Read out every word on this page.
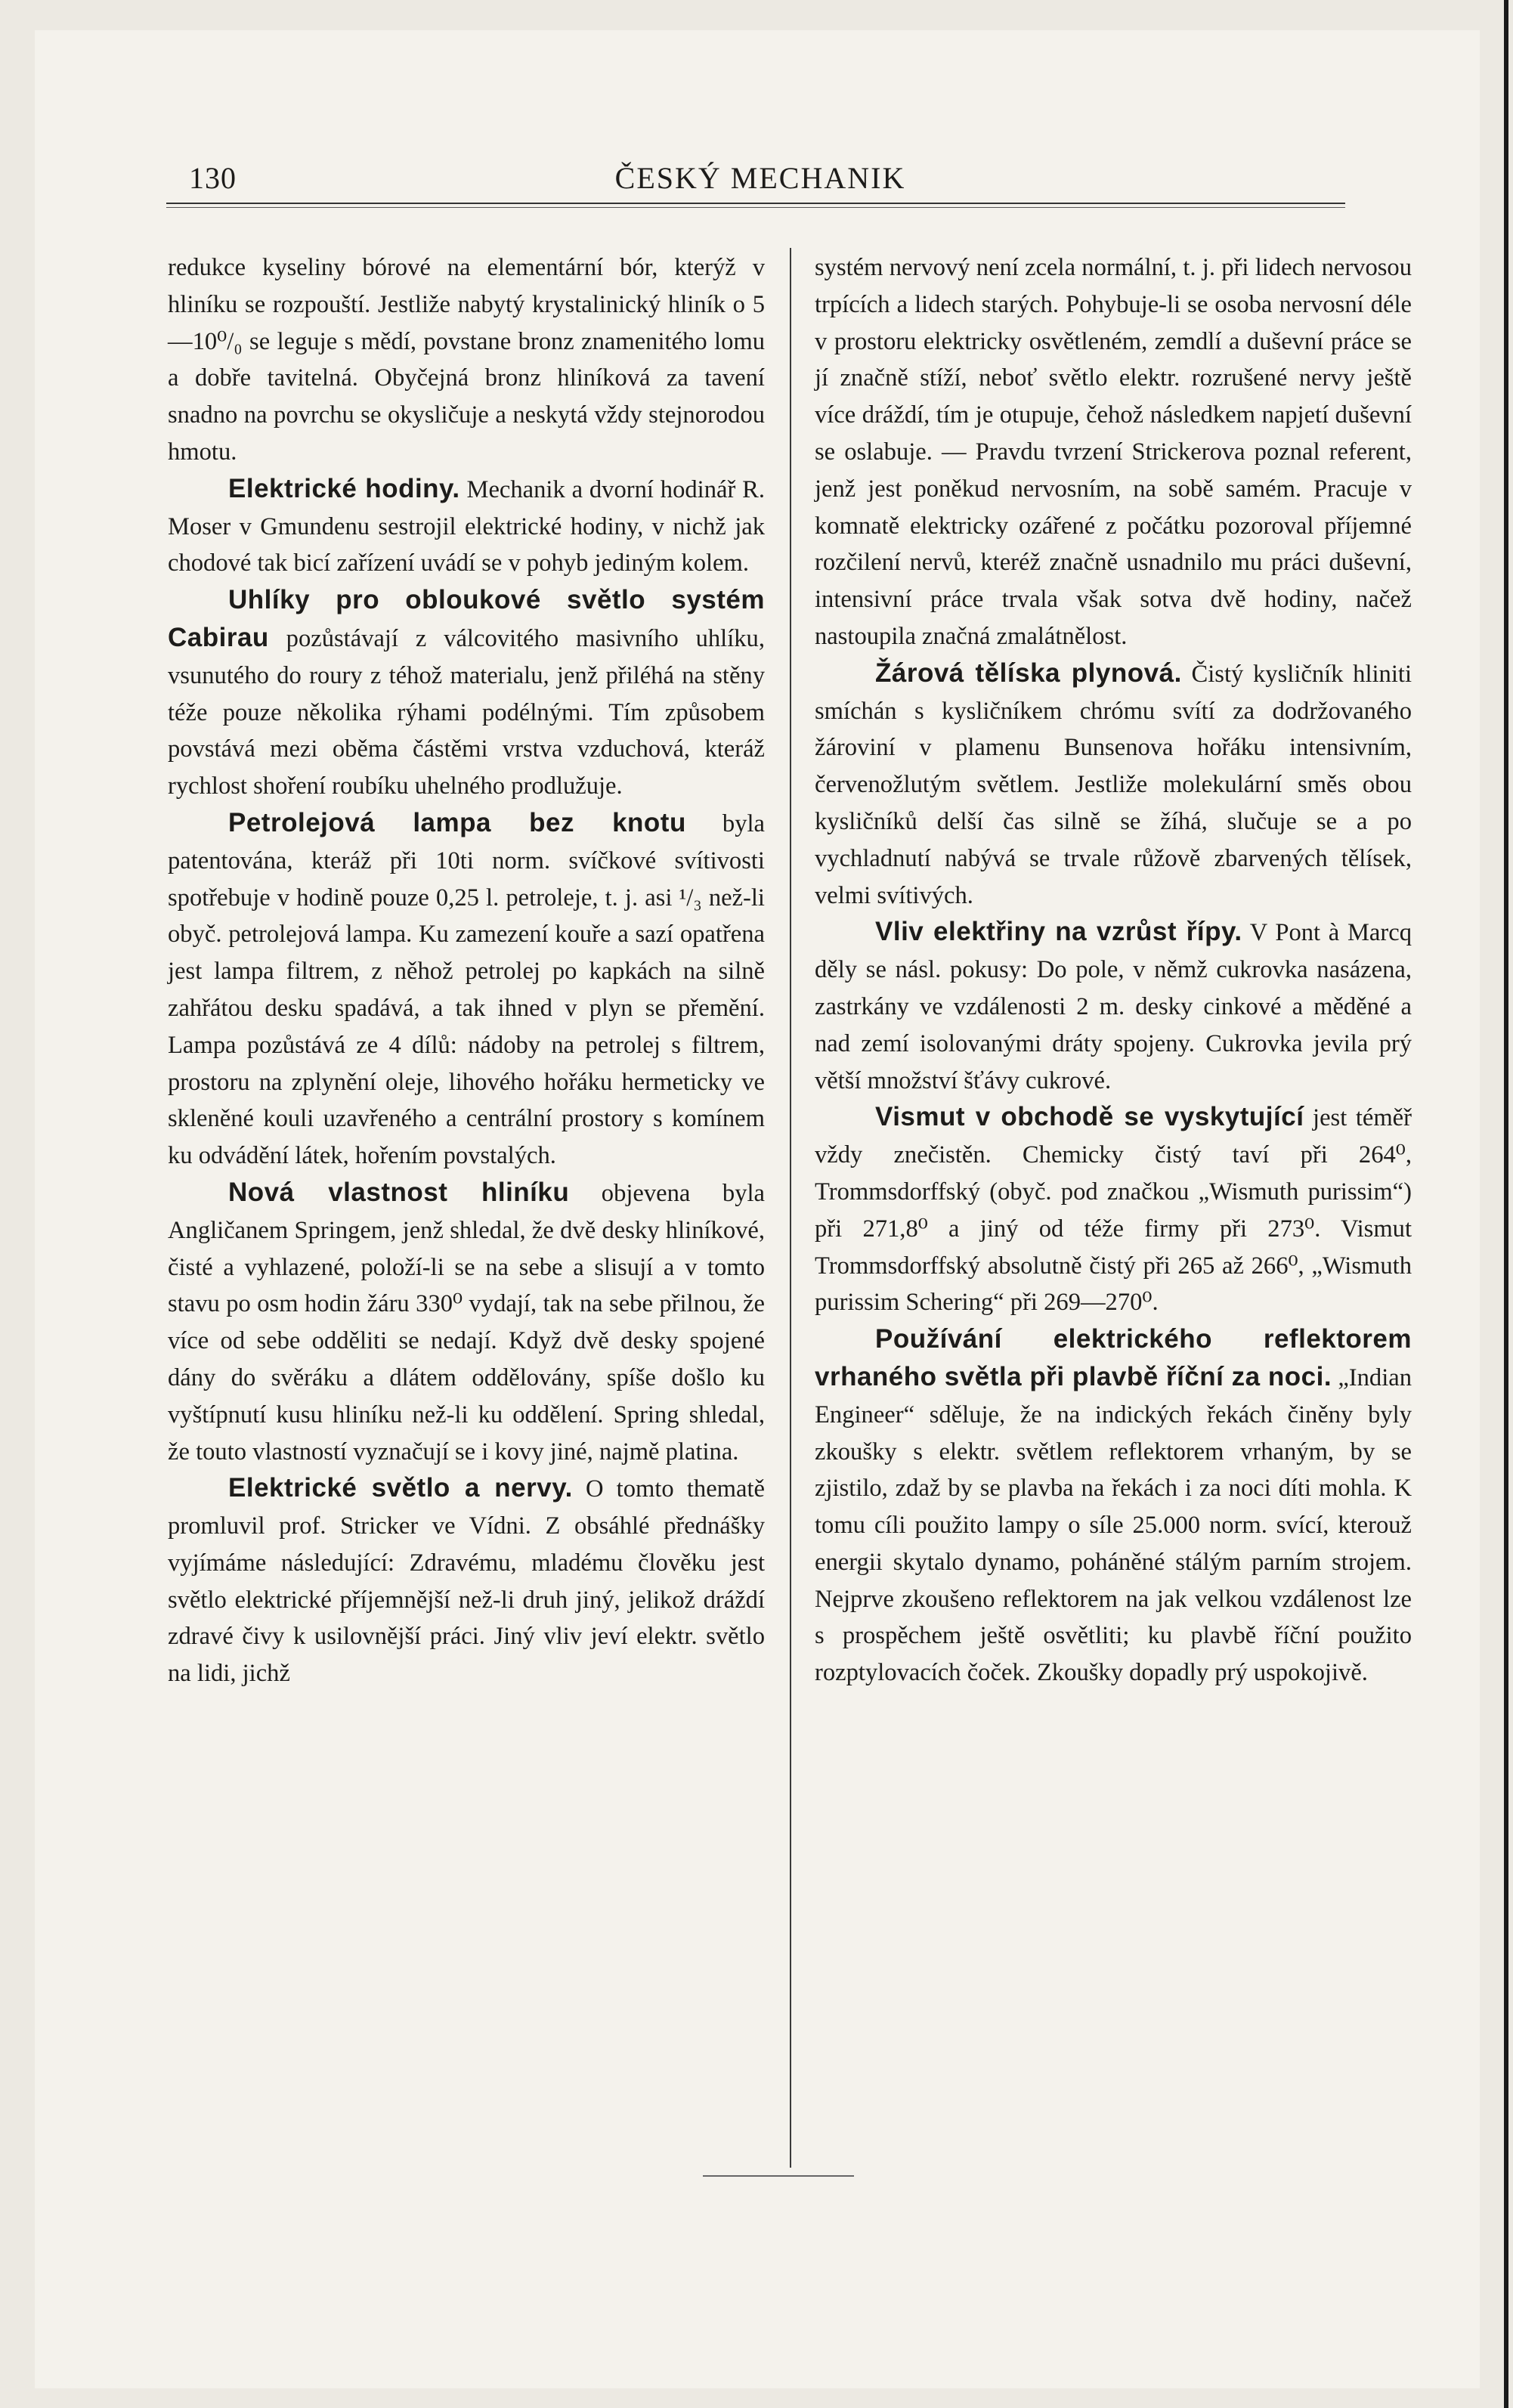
130	ČESKÝ MECHANIK

redukce kyseliny bórové na elementární bór, kterýž v hliníku se rozpouští. Jestliže nabytý krystalinický hliník o 5—10⁰/₀ se leguje s mědí, povstane bronz znamenitého lomu a dobře tavitelná. Obyčejná bronz hliníková za tavení snadno na povrchu se okysličuje a neskytá vždy stejnorodou hmotu.

Elektrické hodiny. Mechanik a dvorní hodinář R. Moser v Gmundenu sestrojil elektrické hodiny, v nichž jak chodové tak bicí zařízení uvádí se v pohyb jediným kolem.

Uhlíky pro obloukové světlo systém Cabirau pozůstávají z válcovitého masivního uhlíku, vsunutého do roury z téhož materialu, jenž přiléhá na stěny téže pouze několika rýhami podélnými. Tím způsobem povstává mezi oběma částěmi vrstva vzduchová, kteráž rychlost shoření roubíku uhelného prodlužuje.

Petrolejová lampa bez knotu byla patentována, kteráž při 10ti norm. svíčkové svítivosti spotřebuje v hodině pouze 0,25 l. petroleje, t. j. asi ¹/₃ než-li obyč. petrolejová lampa. Ku zamezení kouře a sazí opatřena jest lampa filtrem, z něhož petrolej po kapkách na silně zahřátou desku spadává, a tak ihned v plyn se přemění. Lampa pozůstává ze 4 dílů: nádoby na petrolej s filtrem, prostoru na zplynění oleje, lihového hořáku hermeticky ve skleněné kouli uzavřeného a centrální prostory s komínem ku odvádění látek, hořením povstalých.

Nová vlastnost hliníku objevena byla Angličanem Springem, jenž shledal, že dvě desky hliníkové, čisté a vyhlazené, položí-li se na sebe a slisují a v tomto stavu po osm hodin žáru 330⁰ vydají, tak na sebe přilnou, že více od sebe odděliti se nedají. Když dvě desky spojené dány do svěráku a dlátem oddělovány, spíše došlo ku vyštípnutí kusu hliníku než-li ku oddělení. Spring shledal, že touto vlastností vyznačují se i kovy jiné, najmě platina.

Elektrické světlo a nervy. O tomto thematě promluvil prof. Stricker ve Vídni. Z obsáhlé přednášky vyjímáme následující: Zdravému, mladému člověku jest světlo elektrické příjemnější než-li druh jiný, jelikož dráždí zdravé čivy k usilovnější práci. Jiný vliv jeví elektr. světlo na lidi, jichž

systém nervový není zcela normální, t. j. při lidech nervosou trpících a lidech starých. Pohybuje-li se osoba nervosní déle v prostoru elektricky osvětleném, zemdlí a duševní práce se jí značně stíží, neboť světlo elektr. rozrušené nervy ještě více dráždí, tím je otupuje, čehož následkem napjetí duševní se oslabuje. — Pravdu tvrzení Strickerova poznal referent, jenž jest poněkud nervosním, na sobě samém. Pracuje v komnatě elektricky ozářené z počátku pozoroval příjemné rozčilení nervů, kteréž značně usnadnilo mu práci duševní, intensivní práce trvala však sotva dvě hodiny, načež nastoupila značná zmalátnělost.

Žárová tělíska plynová. Čistý kysličník hliniti smíchán s kysličníkem chrómu svítí za dodržovaného žároviní v plamenu Bunsenova hořáku intensivním, červenožlutým světlem. Jestliže molekulární směs obou kysličníků delší čas silně se žíhá, slučuje se a po vychladnutí nabývá se trvale růžově zbarvených tělísek, velmi svítivých.

Vliv elektřiny na vzrůst řípy. V Pont à Marcq děly se násl. pokusy: Do pole, v němž cukrovka nasázena, zastrkány ve vzdálenosti 2 m. desky cinkové a měděné a nad zemí isolovanými dráty spojeny. Cukrovka jevila prý větší množství šťávy cukrové.

Vismut v obchodě se vyskytující jest téměř vždy znečistěn. Chemicky čistý taví při 264⁰, Trommsdorffský (obyč. pod značkou „Wismuth purissim“) při 271,8⁰ a jiný od téže firmy při 273⁰. Vismut Trommsdorffský absolutně čistý při 265 až 266⁰, „Wismuth purissim Schering“ při 269—270⁰.

Používání elektrického reflektorem vrhaného světla při plavbě říční za noci. „Indian Engineer“ sděluje, že na indických řekách činěny byly zkoušky s elektr. světlem reflektorem vrhaným, by se zjistilo, zdaž by se plavba na řekách i za noci díti mohla. K tomu cíli použito lampy o síle 25.000 norm. svící, kterouž energii skytalo dynamo, poháněné stálým parním strojem. Nejprve zkoušeno reflektorem na jak velkou vzdálenost lze s prospěchem ještě osvětliti; ku plavbě říční použito rozptylovacích čoček. Zkoušky dopadly prý uspokojivě.
